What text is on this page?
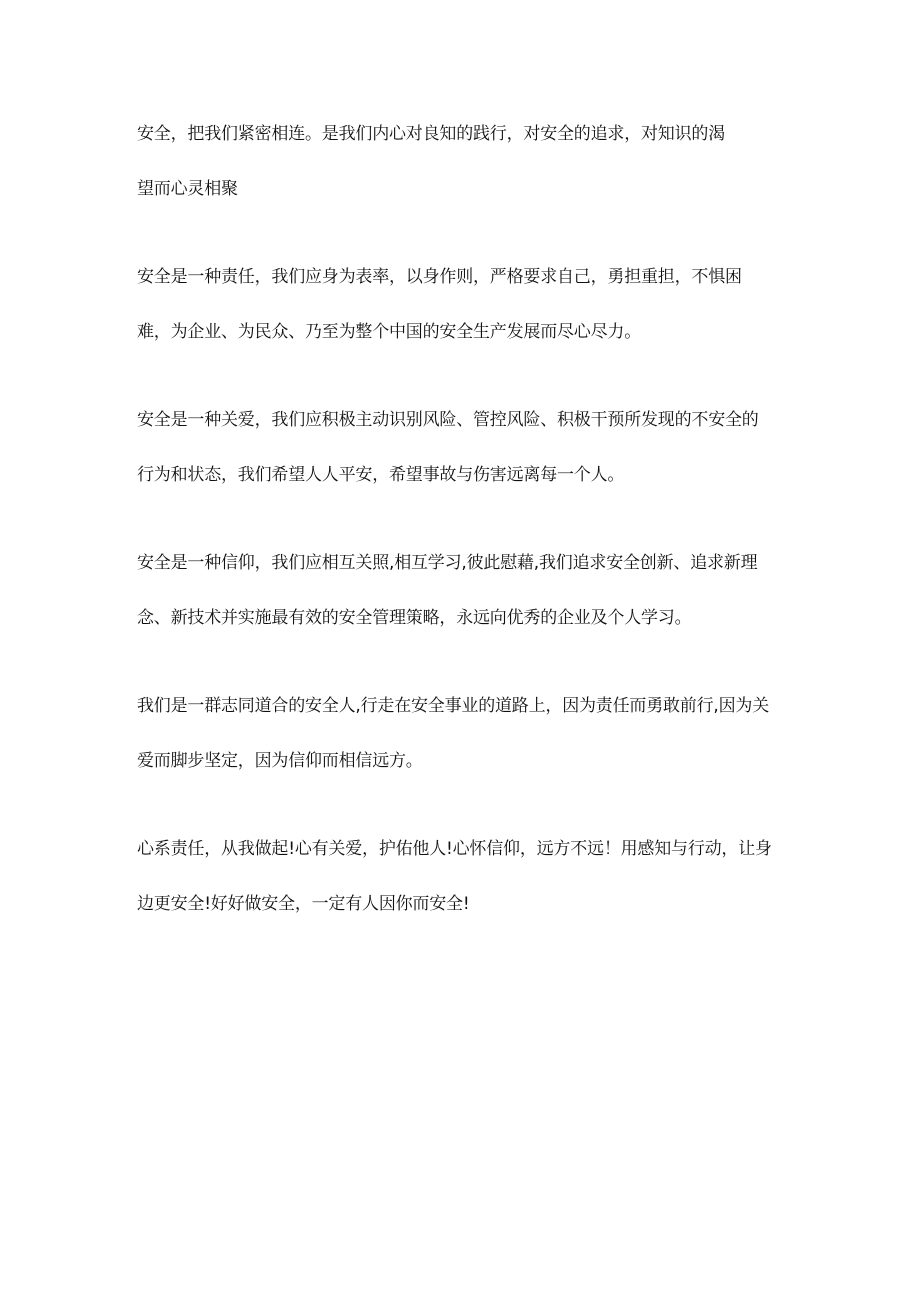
安全，把我们紧密相连。是我们内心对良知的践行，对安全的追求，对知识的渴
望而心灵相聚

安全是一种责任，我们应身为表率，以身作则，严格要求自己，勇担重担，不惧困
难，为企业、为民众、乃至为整个中国的安全生产发展而尽心尽力。

安全是一种关爱，我们应积极主动识别风险、管控风险、积极干预所发现的不安全的
行为和状态，我们希望人人平安，希望事故与伤害远离每一个人。

安全是一种信仰，我们应相互关照,相互学习,彼此慰藉,我们追求安全创新、追求新理
念、新技术并实施最有效的安全管理策略，永远向优秀的企业及个人学习。

我们是一群志同道合的安全人,行走在安全事业的道路上，因为责任而勇敢前行,因为关
爱而脚步坚定，因为信仰而相信远方。

心系责任，从我做起!心有关爱，护佑他人!心怀信仰，远方不远！用感知与行动，让身
边更安全!好好做安全，一定有人因你而安全!
